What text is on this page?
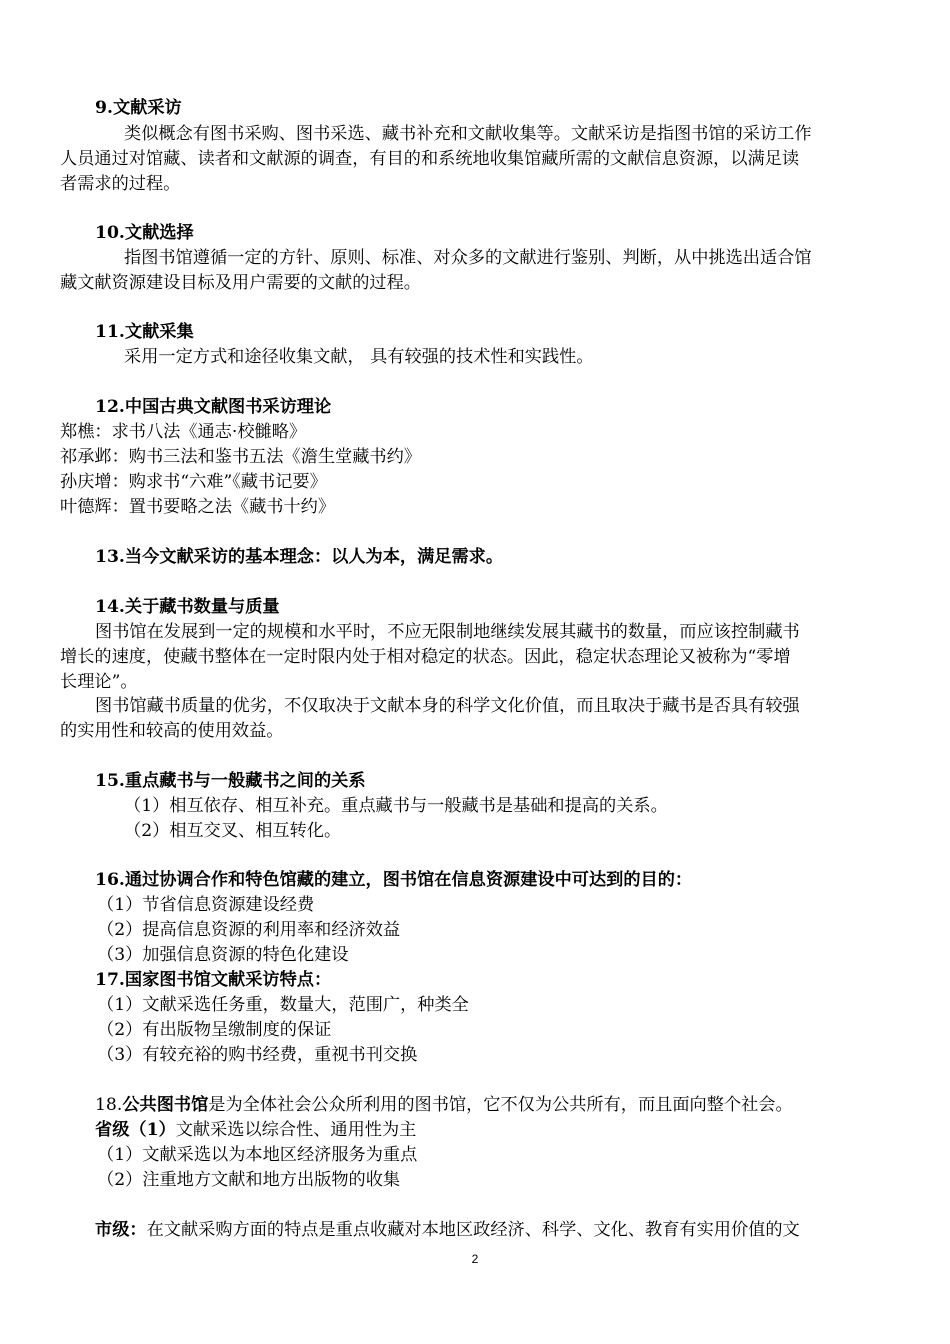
9.文献采访
类似概念有图书采购、图书采选、藏书补充和文献收集等。文献采访是指图书馆的采访工作
人员通过对馆藏、读者和文献源的调查，有目的和系统地收集馆藏所需的文献信息资源，以满足读
者需求的过程。
10.文献选择
指图书馆遵循一定的方针、原则、标准、对众多的文献进行鉴别、判断，从中挑选出适合馆
藏文献资源建设目标及用户需要的文献的过程。
11.文献采集
采用一定方式和途径收集文献， 具有较强的技术性和实践性。
12.中国古典文献图书采访理论
郑樵：求书八法《通志·校雠略》
祁承邺：购书三法和鉴书五法《澹生堂藏书约》
孙庆增：购求书“六难”《藏书记要》
叶德辉：置书要略之法《藏书十约》
13.当今文献采访的基本理念：以人为本，满足需求。
14.关于藏书数量与质量
图书馆在发展到一定的规模和水平时，不应无限制地继续发展其藏书的数量，而应该控制藏书
增长的速度，使藏书整体在一定时限内处于相对稳定的状态。因此，稳定状态理论又被称为“零增
长理论”。
图书馆藏书质量的优劣，不仅取决于文献本身的科学文化价值，而且取决于藏书是否具有较强
的实用性和较高的使用效益。
15.重点藏书与一般藏书之间的关系
（1）相互依存、相互补充。重点藏书与一般藏书是基础和提高的关系。
（2）相互交叉、相互转化。
16.通过协调合作和特色馆藏的建立，图书馆在信息资源建设中可达到的目的：
（1）节省信息资源建设经费
（2）提高信息资源的利用率和经济效益
（3）加强信息资源的特色化建设
17.国家图书馆文献采访特点：
（1）文献采选任务重，数量大，范围广，种类全
（2）有出版物呈缴制度的保证
（3）有较充裕的购书经费，重视书刊交换
18.公共图书馆是为全体社会公众所利用的图书馆，它不仅为公共所有，而且面向整个社会。
省级（1）文献采选以综合性、通用性为主
（1）文献采选以为本地区经济服务为重点
（2）注重地方文献和地方出版物的收集
市级：在文献采购方面的特点是重点收藏对本地区政经济、科学、文化、教育有实用价值的文
2
